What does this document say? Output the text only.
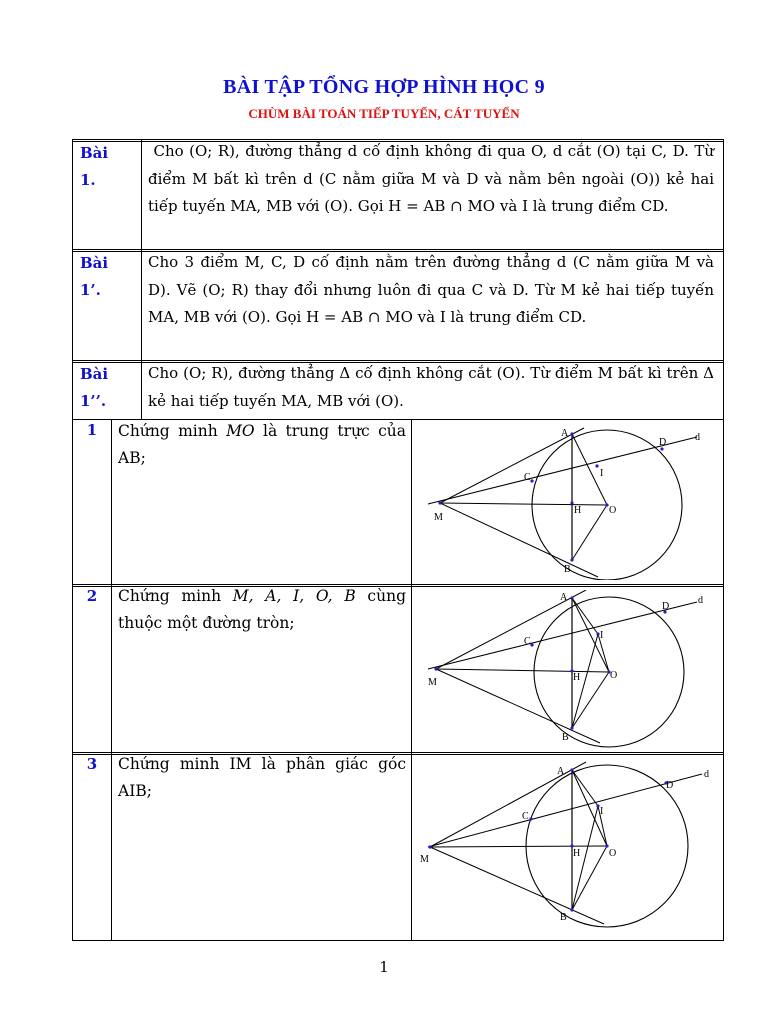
BÀI TẬP TỔNG HỢP HÌNH HỌC 9
CHÙM BÀI TOÁN TIẾP TUYẾN, CÁT TUYẾN
Bài
1.
Cho (O; R), đường thẳng d cố định không đi qua O, d cắt (O) tại C, D. Từ điểm M bất kì trên d (C nằm giữa M và D và nằm bên ngoài (O)) kẻ hai tiếp tuyến MA, MB với (O). Gọi H = AB ∩ MO và I là trung điểm CD.
Bài
1’.
Cho 3 điểm M, C, D cố định nằm trên đường thẳng d (C nằm giữa M và D). Vẽ (O; R) thay đổi nhưng luôn đi qua C và D. Từ M kẻ hai tiếp tuyến MA, MB với (O). Gọi H = AB ∩ MO và I là trung điểm CD.
Bài
1’’.
Cho (O; R), đường thẳng Δ cố định không cắt (O). Từ điểm M bất kì trên Δ kẻ hai tiếp tuyến MA, MB với (O).
1	Chứng minh MO là trung trực của AB;
2	Chứng minh M, A, I, O, B cùng thuộc một đường tròn;
3	Chứng minh IM là phân giác góc AIB;
A
B
C
D	d
I
H	O
M
A
B
C
D
d
I
H	O
M
A
B
C
D
d
I
H	O
M
1
